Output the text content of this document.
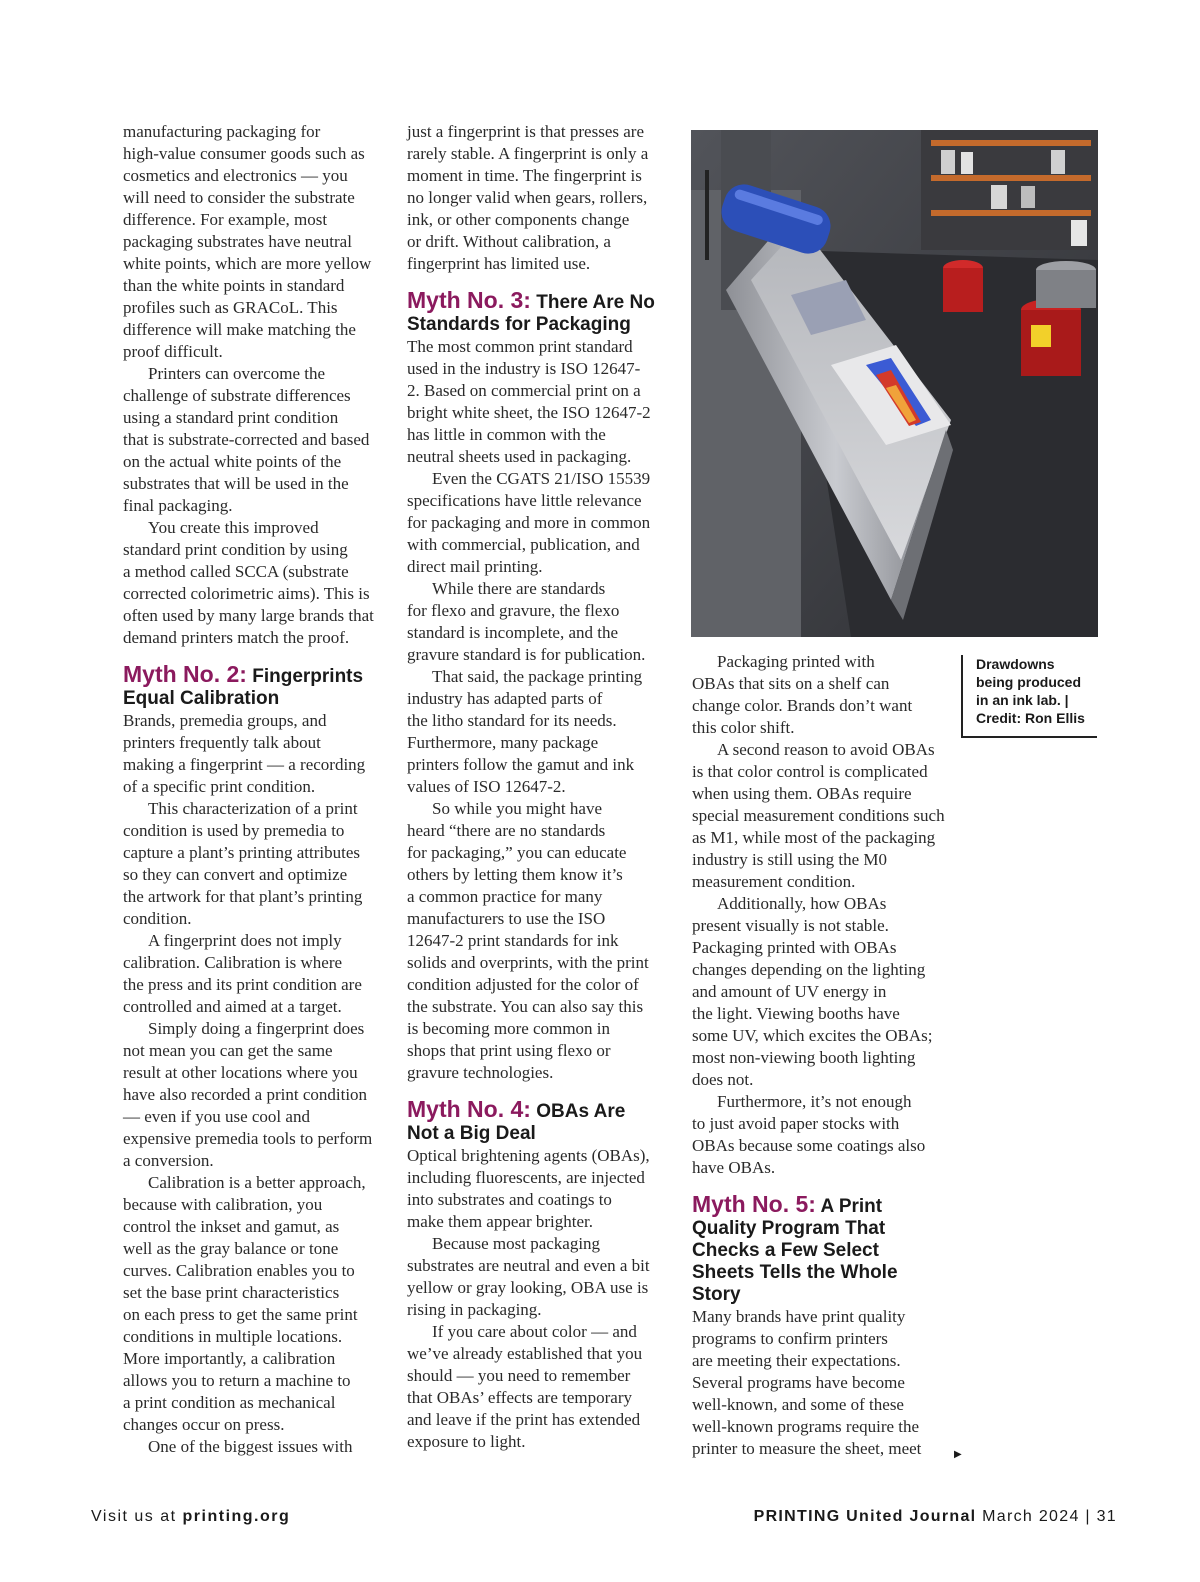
manufacturing packaging for
high-value consumer goods such as
cosmetics and electronics — you
will need to consider the substrate
difference. For example, most
packaging substrates have neutral
white points, which are more yellow
than the white points in standard
profiles such as GRACoL. This
difference will make matching the
proof difficult.
Printers can overcome the
challenge of substrate differences
using a standard print condition
that is substrate-corrected and based
on the actual white points of the
substrates that will be used in the
final packaging.
You create this improved
standard print condition by using
a method called SCCA (substrate
corrected colorimetric aims). This is
often used by many large brands that
demand printers match the proof.
Myth No. 2: Fingerprints
Equal Calibration
Brands, premedia groups, and
printers frequently talk about
making a fingerprint — a recording
of a specific print condition.
This characterization of a print
condition is used by premedia to
capture a plant’s printing attributes
so they can convert and optimize
the artwork for that plant’s printing
condition.
A fingerprint does not imply
calibration. Calibration is where
the press and its print condition are
controlled and aimed at a target.
Simply doing a fingerprint does
not mean you can get the same
result at other locations where you
have also recorded a print condition
— even if you use cool and
expensive premedia tools to perform
a conversion.
Calibration is a better approach,
because with calibration, you
control the inkset and gamut, as
well as the gray balance or tone
curves. Calibration enables you to
set the base print characteristics
on each press to get the same print
conditions in multiple locations.
More importantly, a calibration
allows you to return a machine to
a print condition as mechanical
changes occur on press.
One of the biggest issues with
just a fingerprint is that presses are
rarely stable. A fingerprint is only a
moment in time. The fingerprint is
no longer valid when gears, rollers,
ink, or other components change
or drift. Without calibration, a
fingerprint has limited use.
Myth No. 3: There Are No
Standards for Packaging
The most common print standard
used in the industry is ISO 12647-
2. Based on commercial print on a
bright white sheet, the ISO 12647-2
has little in common with the
neutral sheets used in packaging.
Even the CGATS 21/ISO 15539
specifications have little relevance
for packaging and more in common
with commercial, publication, and
direct mail printing.
While there are standards
for flexo and gravure, the flexo
standard is incomplete, and the
gravure standard is for publication.
That said, the package printing
industry has adapted parts of
the litho standard for its needs.
Furthermore, many package
printers follow the gamut and ink
values of ISO 12647-2.
So while you might have
heard “there are no standards
for packaging,” you can educate
others by letting them know it’s
a common practice for many
manufacturers to use the ISO
12647-2 print standards for ink
solids and overprints, with the print
condition adjusted for the color of
the substrate. You can also say this
is becoming more common in
shops that print using flexo or
gravure technologies.
Myth No. 4: OBAs Are
Not a Big Deal
Optical brightening agents (OBAs),
including fluorescents, are injected
into substrates and coatings to
make them appear brighter.
Because most packaging
substrates are neutral and even a bit
yellow or gray looking, OBA use is
rising in packaging.
If you care about color — and
we’ve already established that you
should — you need to remember
that OBAs’ effects are temporary
and leave if the print has extended
exposure to light.
Packaging printed with
OBAs that sits on a shelf can
change color. Brands don’t want
this color shift.
A second reason to avoid OBAs
is that color control is complicated
when using them. OBAs require
special measurement conditions such
as M1, while most of the packaging
industry is still using the M0
measurement condition.
Additionally, how OBAs
present visually is not stable.
Packaging printed with OBAs
changes depending on the lighting
and amount of UV energy in
the light. Viewing booths have
some UV, which excites the OBAs;
most non-viewing booth lighting
does not.
Furthermore, it’s not enough
to just avoid paper stocks with
OBAs because some coatings also
have OBAs.
Myth No. 5: A Print
Quality Program That
Checks a Few Select
Sheets Tells the Whole
Story
Many brands have print quality
programs to confirm printers
are meeting their expectations.
Several programs have become
well-known, and some of these
well-known programs require the
printer to measure the sheet, meet
Drawdowns
being produced
in an ink lab. |
Credit: Ron Ellis
▶
Visit us at printing.org	PRINTING United Journal March 2024 | 31
